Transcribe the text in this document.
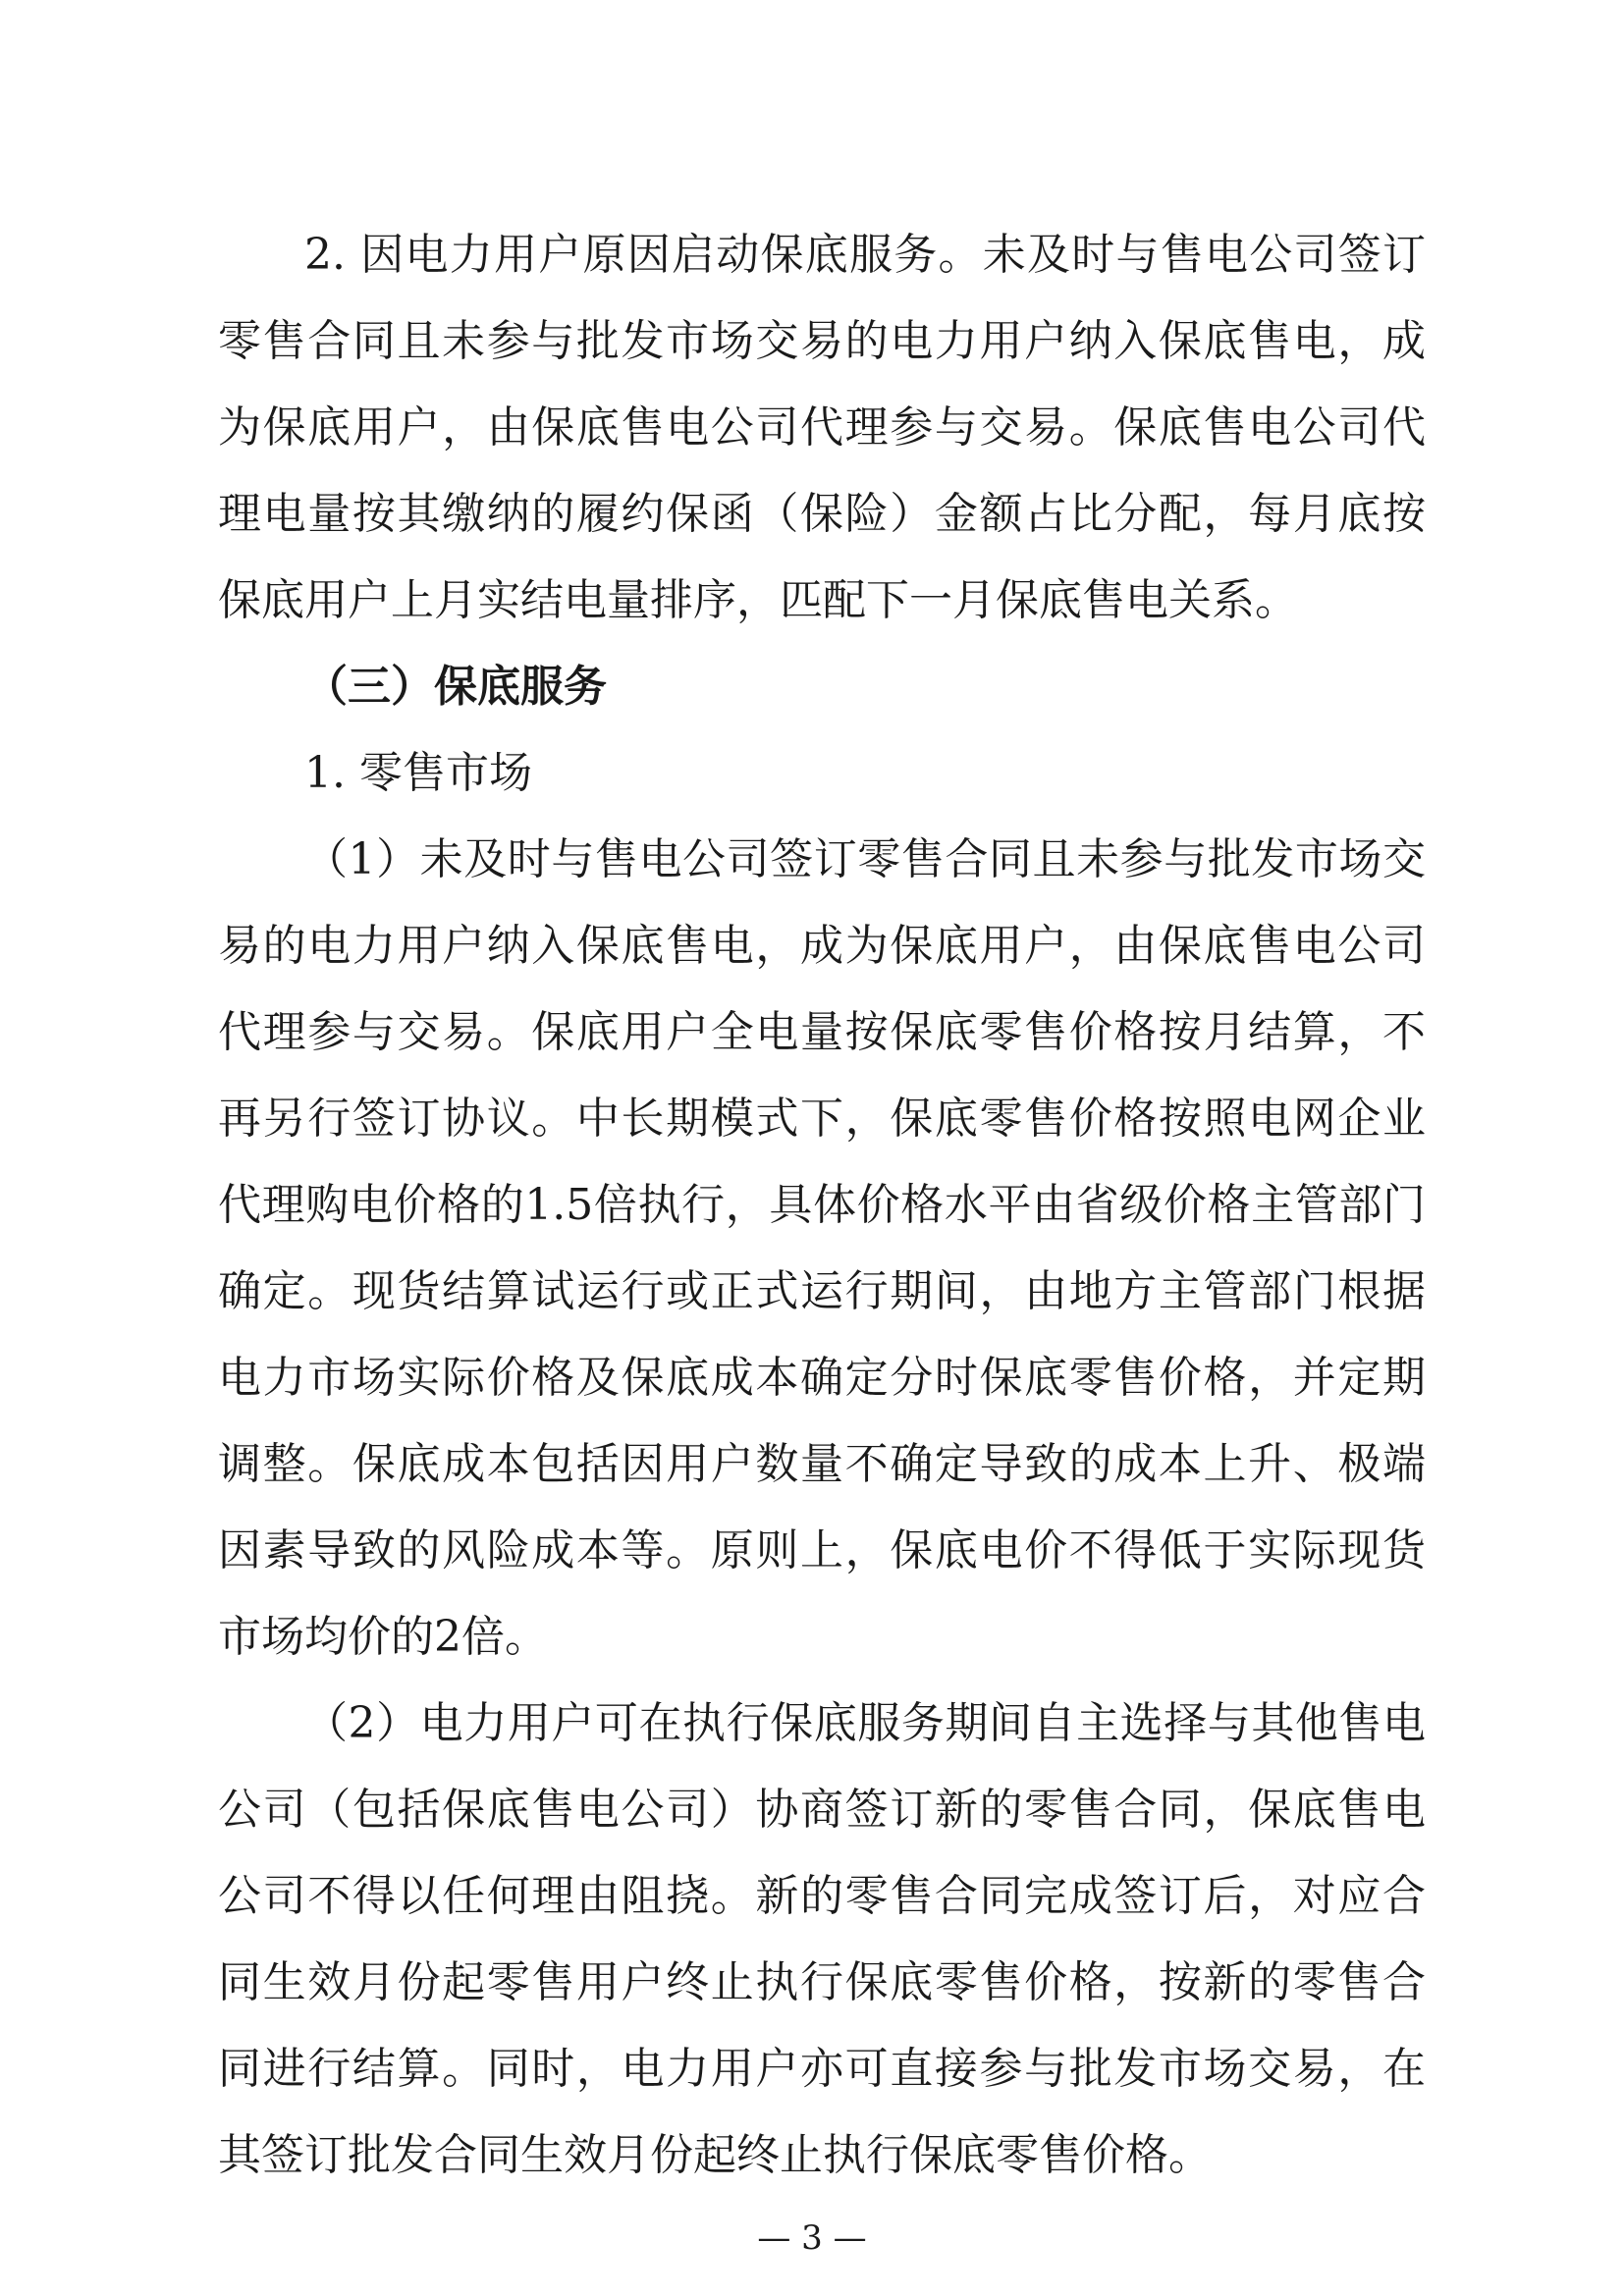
2. 因电力用户原因启动保底服务。未及时与售电公司签订
零售合同且未参与批发市场交易的电力用户纳入保底售电，成
为保底用户，由保底售电公司代理参与交易。保底售电公司代
理电量按其缴纳的履约保函（保险）金额占比分配，每月底按
保底用户上月实结电量排序，匹配下一月保底售电关系。
（三）保底服务
1. 零售市场
（1）未及时与售电公司签订零售合同且未参与批发市场交
易的电力用户纳入保底售电，成为保底用户，由保底售电公司
代理参与交易。保底用户全电量按保底零售价格按月结算，不
再另行签订协议。中长期模式下，保底零售价格按照电网企业
代理购电价格的1.5倍执行，具体价格水平由省级价格主管部门
确定。现货结算试运行或正式运行期间，由地方主管部门根据
电力市场实际价格及保底成本确定分时保底零售价格，并定期
调整。保底成本包括因用户数量不确定导致的成本上升、极端
因素导致的风险成本等。原则上，保底电价不得低于实际现货
市场均价的2倍。
（2）电力用户可在执行保底服务期间自主选择与其他售电
公司（包括保底售电公司）协商签订新的零售合同，保底售电
公司不得以任何理由阻挠。新的零售合同完成签订后，对应合
同生效月份起零售用户终止执行保底零售价格，按新的零售合
同进行结算。同时，电力用户亦可直接参与批发市场交易，在
其签订批发合同生效月份起终止执行保底零售价格。
— 3 —
